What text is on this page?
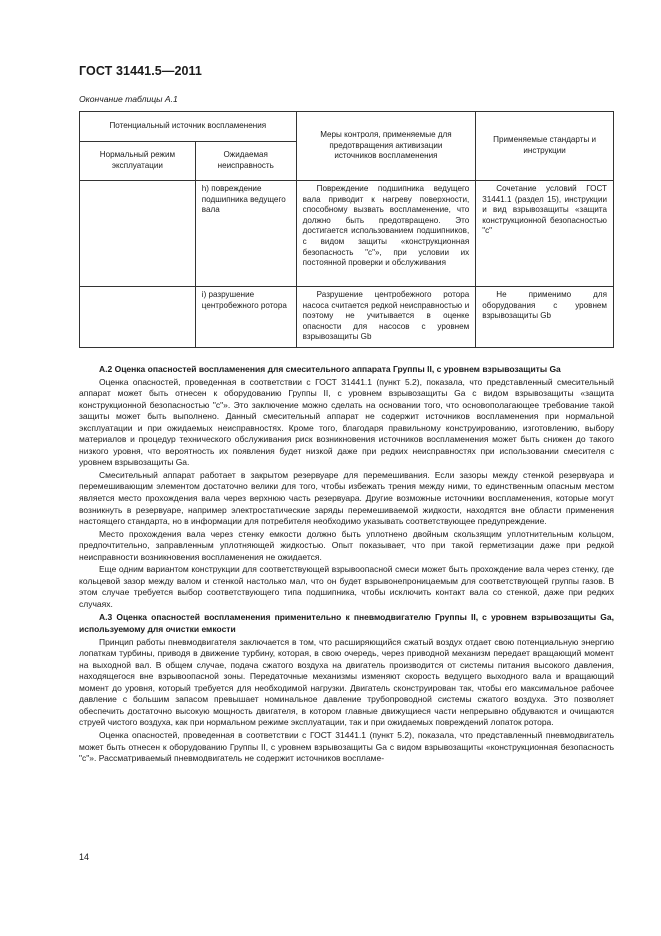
ГОСТ 31441.5—2011
Окончание таблицы А.1
Потенциальный источник воспламенения		Меры контроля, применяемые для предотвращения активизации источников воспламенения	Применяемые стандарты и инструкции
Нормальный режим эксплуатации	Ожидаемая неисправность		

	h) повреждение подшипника ведущего вала	Повреждение подшипника ведущего вала приводит к нагреву поверхности, способному вызвать воспламенение, что должно быть предотвращено. Это достигается использованием подшипников, с видом защиты «конструкционная безопасность "c"», при условии их постоянной проверки и обслуживания	Сочетание условий ГОСТ 31441.1 (раздел 15), инструкции и вид взрывозащиты «защита конструкционной безопасностью "c"

	i) разрушение центробежного ротора	Разрушение центробежного ротора насоса считается редкой неисправностью и поэтому не учитывается в оценке опасности для насосов с уровнем взрывозащиты Gb	Не применимо для оборудования с уровнем взрывозащиты Gb

А.2 Оценка опасностей воспламенения для смесительного аппарата Группы II, с уровнем взрывозащиты Ga

Оценка опасностей, проведенная в соответствии с ГОСТ 31441.1 (пункт 5.2), показала, что представленный смесительный аппарат может быть отнесен к оборудованию Группы II, с уровнем взрывозащиты Ga с видом взрывозащиты «защита конструкционной безопасностью "c"». Это заключение можно сделать на основании того, что основополагающее требование такой защиты может быть выполнено. Данный смесительный аппарат не содержит источников воспламенения при нормальной эксплуатации и при ожидаемых неисправностях. Кроме того, благодаря правильному конструированию, изготовлению, выбору материалов и процедур технического обслуживания риск возникновения источников воспламенения может быть снижен до такого низкого уровня, что вероятность их появления будет низкой даже при редких неисправностях при использовании смесителя с уровнем взрывозащиты Ga.

Смесительный аппарат работает в закрытом резервуаре для перемешивания. Если зазоры между стенкой резервуара и перемешивающим элементом достаточно велики для того, чтобы избежать трения между ними, то единственным опасным местом является место прохождения вала через верхнюю часть резервуара. Другие возможные источники воспламенения, которые могут возникнуть в резервуаре, например электростатические заряды перемешиваемой жидкости, находятся вне области применения настоящего стандарта, но в информации для потребителя необходимо указывать соответствующее предупреждение.

Место прохождения вала через стенку емкости должно быть уплотнено двойным скользящим уплотнительным кольцом, предпочтительно, заправленным уплотняющей жидкостью. Опыт показывает, что при такой герметизации даже при редкой неисправности возникновения воспламенения не ожидается.

Еще одним вариантом конструкции для соответствующей взрывоопасной смеси может быть прохождение вала через стенку, где кольцевой зазор между валом и стенкой настолько мал, что он будет взрывонепроницаемым для соответствующей группы газов. В этом случае требуется выбор соответствующего типа подшипника, чтобы исключить контакт вала со стенкой, даже при редких случаях.

А.3 Оценка опасностей воспламенения применительно к пневмодвигателю Группы II, с уровнем взрывозащиты Ga, используемому для очистки емкости

Принцип работы пневмодвигателя заключается в том, что расширяющийся сжатый воздух отдает свою потенциальную энергию лопаткам турбины, приводя в движение турбину, которая, в свою очередь, через приводной механизм передает вращающий момент на выходной вал. В общем случае, подача сжатого воздуха на двигатель производится от системы питания высокого давления, находящегося вне взрывоопасной зоны. Передаточные механизмы изменяют скорость ведущего выходного вала и вращающий момент до уровня, который требуется для необходимой нагрузки. Двигатель сконструирован так, чтобы его максимальное рабочее давление с большим запасом превышает номинальное давление трубопроводной системы сжатого воздуха. Это позволяет обеспечить достаточно высокую мощность двигателя, в котором главные движущиеся части непрерывно обдуваются и очищаются струей чистого воздуха, как при нормальном режиме эксплуатации, так и при ожидаемых повреждений лопаток ротора.

Оценка опасностей, проведенная в соответствии с ГОСТ 31441.1 (пункт 5.2), показала, что представленный пневмодвигатель может быть отнесен к оборудованию Группы II, с уровнем взрывозащиты Ga с видом взрывозащиты «конструкционная безопасность "c"». Рассматриваемый пневмодвигатель не содержит источников воспламе-

14
